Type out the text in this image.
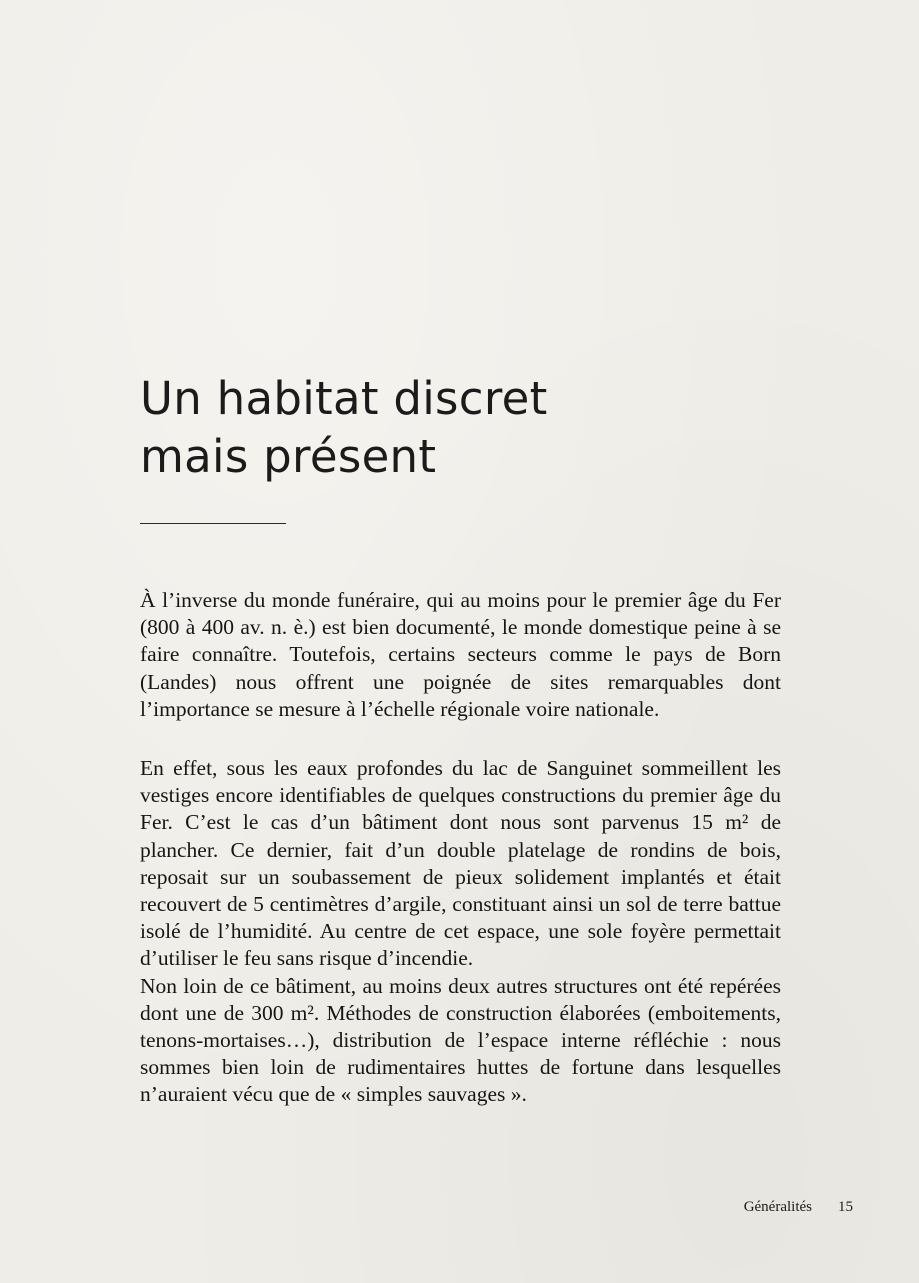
Un habitat discret
mais présent

À l’inverse du monde funéraire, qui au moins pour le premier âge du Fer (800 à 400 av. n. è.) est bien documenté, le monde domestique peine à se faire connaître. Toutefois, certains secteurs comme le pays de Born (Landes) nous offrent une poignée de sites remarquables dont l’importance se mesure à l’échelle régionale voire nationale.

En effet, sous les eaux profondes du lac de Sanguinet sommeillent les vestiges encore identifiables de quelques constructions du premier âge du Fer. C’est le cas d’un bâtiment dont nous sont parvenus 15 m² de plancher. Ce dernier, fait d’un double platelage de rondins de bois, reposait sur un soubassement de pieux solidement implantés et était recouvert de 5 centimètres d’argile, constituant ainsi un sol de terre battue isolé de l’humidité. Au centre de cet espace, une sole foyère permettait d’utiliser le feu sans risque d’incendie.

Non loin de ce bâtiment, au moins deux autres structures ont été repérées dont une de 300 m². Méthodes de construction élaborées (emboitements, tenons-mortaises…), distribution de l’espace interne réfléchie : nous sommes bien loin de rudimentaires huttes de fortune dans lesquelles n’auraient vécu que de « simples sauvages ».

Généralités 15
